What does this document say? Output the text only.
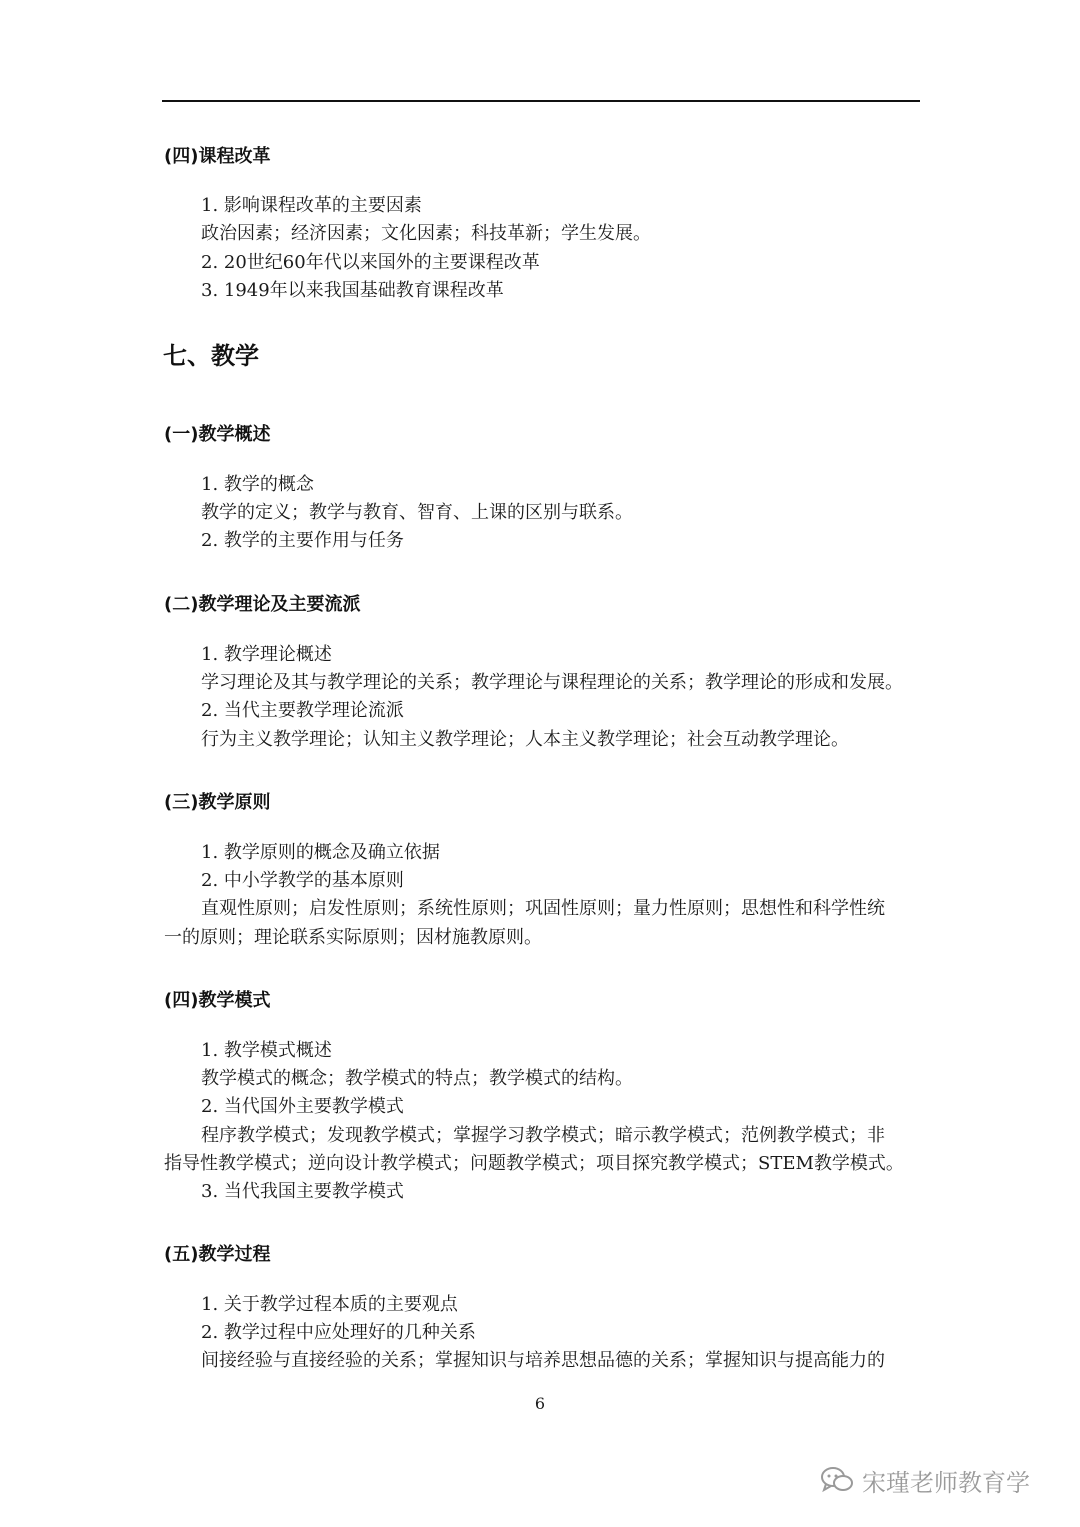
(四)课程改革
1. 影响课程改革的主要因素
政治因素；经济因素；文化因素；科技革新；学生发展。
2. 20世纪60年代以来国外的主要课程改革
3. 1949年以来我国基础教育课程改革
七、教学
(一)教学概述
1. 教学的概念
教学的定义；教学与教育、智育、上课的区别与联系。
2. 教学的主要作用与任务
(二)教学理论及主要流派
1. 教学理论概述
学习理论及其与教学理论的关系；教学理论与课程理论的关系；教学理论的形成和发展。
2. 当代主要教学理论流派
行为主义教学理论；认知主义教学理论；人本主义教学理论；社会互动教学理论。
(三)教学原则
1. 教学原则的概念及确立依据
2. 中小学教学的基本原则
直观性原则；启发性原则；系统性原则；巩固性原则；量力性原则；思想性和科学性统
一的原则；理论联系实际原则；因材施教原则。
(四)教学模式
1. 教学模式概述
教学模式的概念；教学模式的特点；教学模式的结构。
2. 当代国外主要教学模式
程序教学模式；发现教学模式；掌握学习教学模式；暗示教学模式；范例教学模式；非
指导性教学模式；逆向设计教学模式；问题教学模式；项目探究教学模式；STEM教学模式。
3. 当代我国主要教学模式
(五)教学过程
1. 关于教学过程本质的主要观点
2. 教学过程中应处理好的几种关系
间接经验与直接经验的关系；掌握知识与培养思想品德的关系；掌握知识与提高能力的
6
宋瑾老师教育学
